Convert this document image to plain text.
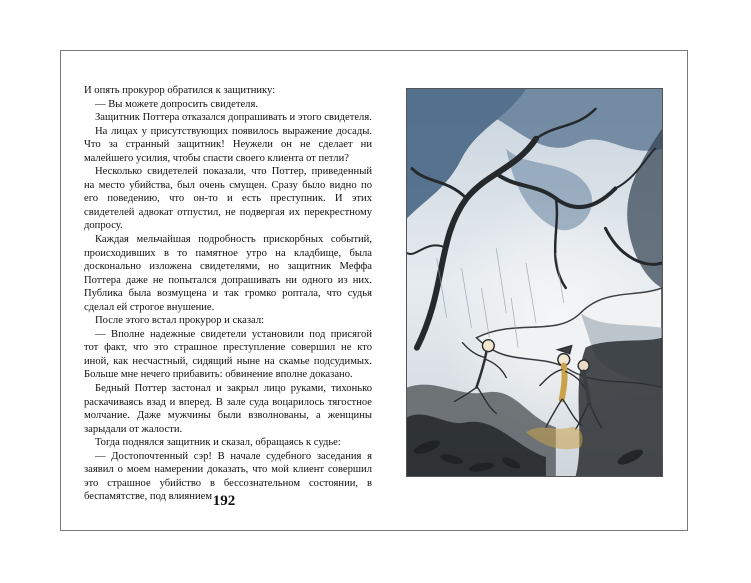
И опять прокурор обратился к защитнику:

— Вы можете допросить свидетеля.

Защитник Поттера отказался допрашивать и этого свидетеля.

На лицах у присутствующих появилось выражение досады. Что за странный защитник! Неужели он не сделает ни малейшего усилия, чтобы спасти своего клиента от петли?

Несколько свидетелей показали, что Поттер, приведенный на место убийства, был очень смущен. Сразу было видно по его поведению, что он-то и есть преступник. И этих свидетелей адвокат отпустил, не подвергая их перекрестному допросу.

Каждая мельчайшая подробность прискорбных событий, происходивших в то памятное утро на кладбище, была досконально изложена свидетелями, но защитник Меффа Поттера даже не попытался допрашивать ни одного из них. Публика была возмущена и так громко роптала, что судья сделал ей строгое внушение.

После этого встал прокурор и сказал:

— Вполне надежные свидетели установили под присягой тот факт, что это страшное преступление совершил не кто иной, как несчастный, сидящий ныне на скамье подсудимых. Больше мне нечего прибавить: обвинение вполне доказано.

Бедный Поттер застонал и закрыл лицо руками, тихонько раскачиваясь взад и вперед. В зале суда воцарилось тягостное молчание. Даже мужчины были взволнованы, а женщины зарыдали от жалости.

Тогда поднялся защитник и сказал, обращаясь к судье:

— Достопочтенный сэр! В начале судебного заседания я заявил о моем намерении доказать, что мой клиент совершил это страшное убийство в бессознательном состоянии, в беспамятстве, под влиянием 192
